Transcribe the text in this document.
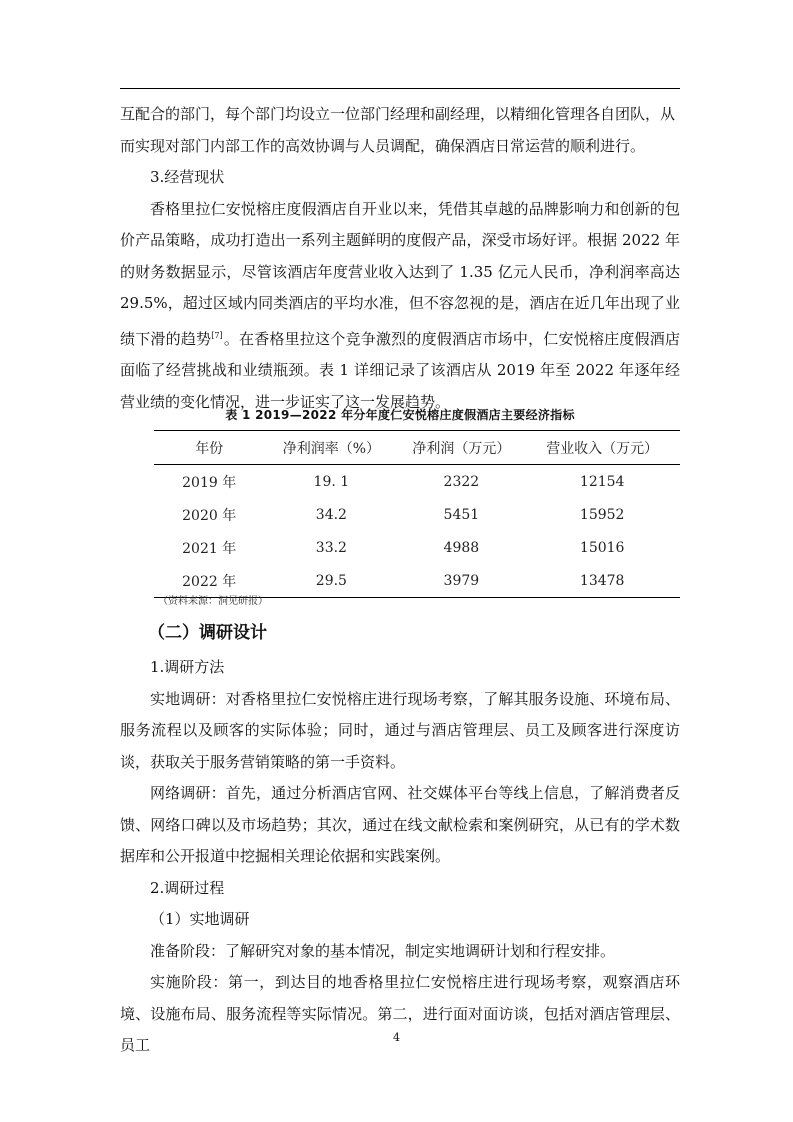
互配合的部门，每个部门均设立一位部门经理和副经理，以精细化管理各自团队，从

而实现对部门内部工作的高效协调与人员调配，确保酒店日常运营的顺利进行。

3.经营现状

香格里拉仁安悦榕庄度假酒店自开业以来，凭借其卓越的品牌影响力和创新的包价产品策略，成功打造出一系列主题鲜明的度假产品，深受市场好评。根据 2022 年的财务数据显示，尽管该酒店年度营业收入达到了 1.35 亿元人民币，净利润率高达 29.5%，超过区域内同类酒店的平均水准，但不容忽视的是，酒店在近几年出现了业绩下滑的趋势[7]。在香格里拉这个竞争激烈的度假酒店市场中，仁安悦榕庄度假酒店面临了经营挑战和业绩瓶颈。表 1 详细记录了该酒店从 2019 年至 2022 年逐年经营业绩的变化情况，进一步证实了这一发展趋势。

表 1 2019—2022 年分年度仁安悦榕庄度假酒店主要经济指标
年份	净利润率（%）	净利润（万元）	营业收入（万元）
2019 年	19. 1	2322	12154
2020 年	34.2	5451	15952
2021 年	33.2	4988	15016
2022 年	29.5	3979	13478
（资料来源：洞见研报）
（二）调研设计

1.调研方法

实地调研：对香格里拉仁安悦榕庄进行现场考察，了解其服务设施、环境布局、服务流程以及顾客的实际体验；同时，通过与酒店管理层、员工及顾客进行深度访谈，获取关于服务营销策略的第一手资料。

网络调研：首先，通过分析酒店官网、社交媒体平台等线上信息，了解消费者反馈、网络口碑以及市场趋势；其次，通过在线文献检索和案例研究，从已有的学术数据库和公开报道中挖掘相关理论依据和实践案例。

2.调研过程

（1）实地调研

准备阶段：了解研究对象的基本情况，制定实地调研计划和行程安排。

实施阶段：第一，到达目的地香格里拉仁安悦榕庄进行现场考察，观察酒店环境、设施布局、服务流程等实际情况。第二，进行面对面访谈，包括对酒店管理层、员工	4
